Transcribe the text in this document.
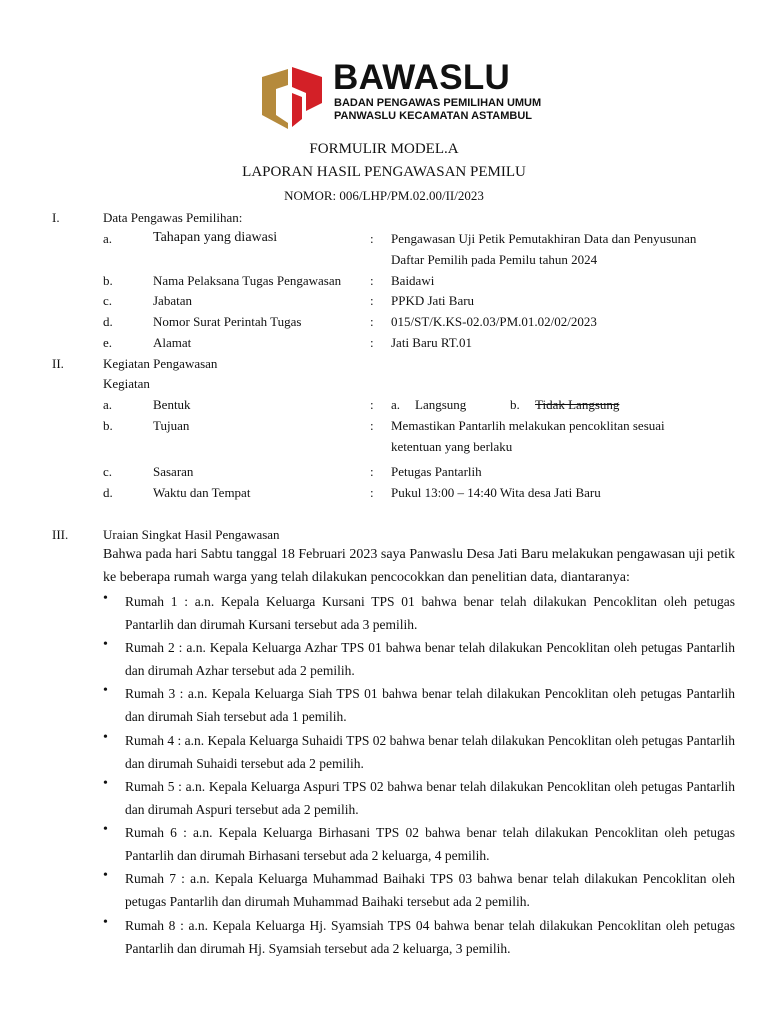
BAWASLU
BADAN PENGAWAS PEMILIHAN UMUM
PANWASLU KECAMATAN ASTAMBUL
FORMULIR MODEL.A
LAPORAN HASIL PENGAWASAN PEMILU
NOMOR: 006/LHP/PM.02.00/II/2023
I.	Data Pengawas Pemilihan:
a.	Tahapan yang diawasi	: Pengawasan Uji Petik Pemutakhiran Data dan Penyusunan
Daftar Pemilih pada Pemilu tahun 2024
b.	Nama Pelaksana Tugas Pengawasan : Baidawi
c.	Jabatan	: PPKD Jati Baru
d.	Nomor Surat Perintah Tugas	: 015/ST/K.KS-02.03/PM.01.02/02/2023
e.	Alamat	: Jati Baru RT.01
II.	Kegiatan Pengawasan
Kegiatan
a.	Bentuk	: a. Langsung	b. Tidak Langsung
b.	Tujuan	: Memastikan Pantarlih melakukan pencoklitan sesuai
ketentuan yang berlaku
c.	Sasaran	: Petugas Pantarlih
d.	Waktu dan Tempat	: Pukul 13:00 – 14:40 Wita desa Jati Baru
III.	Uraian Singkat Hasil Pengawasan
Bahwa pada hari Sabtu tanggal 18 Februari 2023 saya Panwaslu Desa Jati Baru melakukan pengawasan uji petik ke beberapa rumah warga yang telah dilakukan pencocokkan dan penelitian data, diantaranya:
• Rumah 1 : a.n. Kepala Keluarga Kursani TPS 01 bahwa benar telah dilakukan Pencoklitan oleh petugas Pantarlih dan dirumah Kursani tersebut ada 3 pemilih.
• Rumah 2 : a.n. Kepala Keluarga Azhar TPS 01 bahwa benar telah dilakukan Pencoklitan oleh petugas Pantarlih dan dirumah Azhar tersebut ada 2 pemilih.
• Rumah 3 : a.n. Kepala Keluarga Siah TPS 01 bahwa benar telah dilakukan Pencoklitan oleh petugas Pantarlih dan dirumah Siah tersebut ada 1 pemilih.
• Rumah 4 : a.n. Kepala Keluarga Suhaidi TPS 02 bahwa benar telah dilakukan Pencoklitan oleh petugas Pantarlih dan dirumah Suhaidi tersebut ada 2 pemilih.
• Rumah 5 : a.n. Kepala Keluarga Aspuri TPS 02 bahwa benar telah dilakukan Pencoklitan oleh petugas Pantarlih dan dirumah Aspuri tersebut ada 2 pemilih.
• Rumah 6 : a.n. Kepala Keluarga Birhasani TPS 02 bahwa benar telah dilakukan Pencoklitan oleh petugas Pantarlih dan dirumah Birhasani tersebut ada 2 keluarga, 4 pemilih.
• Rumah 7 : a.n. Kepala Keluarga Muhammad Baihaki TPS 03 bahwa benar telah dilakukan Pencoklitan oleh petugas Pantarlih dan dirumah Muhammad Baihaki tersebut ada 2 pemilih.
• Rumah 8 : a.n. Kepala Keluarga Hj. Syamsiah TPS 04 bahwa benar telah dilakukan Pencoklitan oleh petugas Pantarlih dan dirumah Hj. Syamsiah tersebut ada 2 keluarga, 3 pemilih.
